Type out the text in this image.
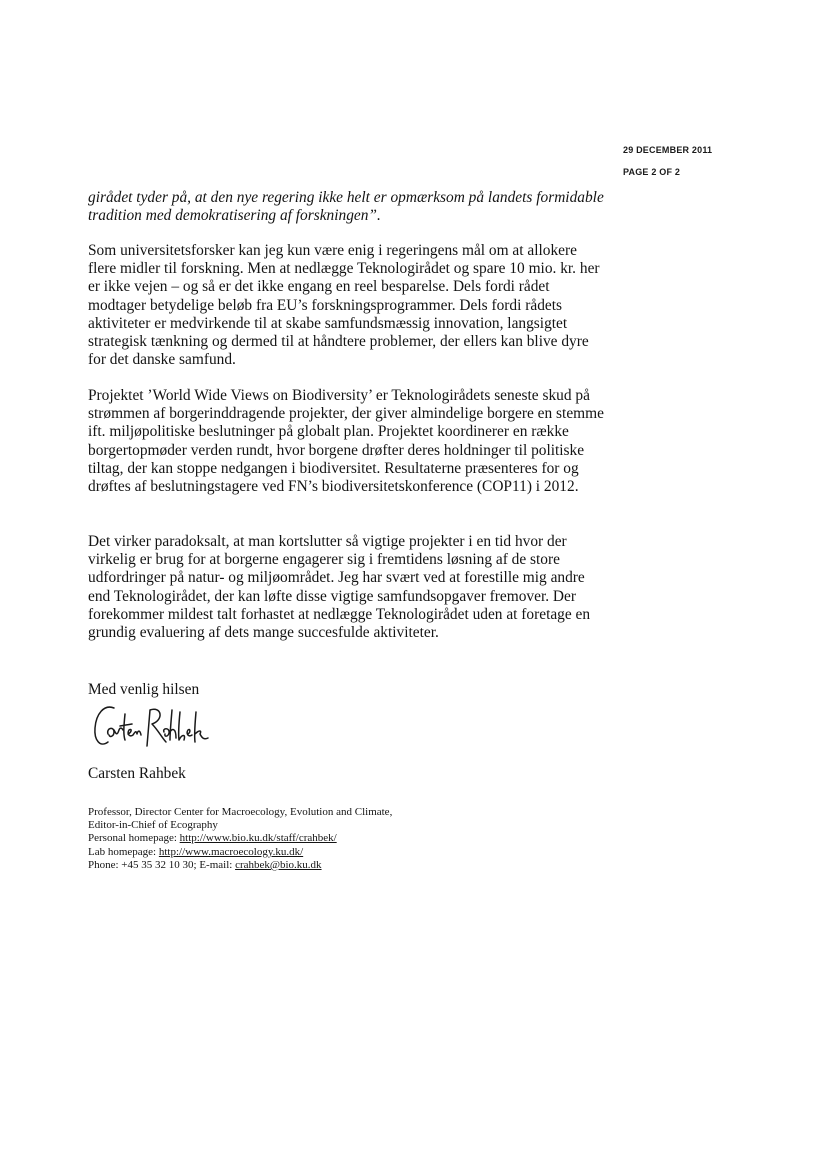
29 DECEMBER 2011
PAGE 2 OF 2
girådet tyder på, at den nye regering ikke helt er opmærksom på landets formidable tradition med demokratisering af forskningen”.
Som universitetsforsker kan jeg kun være enig i regeringens mål om at allokere flere midler til forskning. Men at nedlægge Teknologirådet og spare 10 mio. kr. her er ikke vejen – og så er det ikke engang en reel besparelse. Dels fordi rådet modtager betydelige beløb fra EU’s forskningsprogrammer. Dels fordi rådets aktiviteter er medvirkende til at skabe samfundsmæssig innovation, langsigtet strategisk tænkning og dermed til at håndtere problemer, der ellers kan blive dyre for det danske samfund.
Projektet ’World Wide Views on Biodiversity’ er Teknologirådets seneste skud på strømmen af borgerinddragende projekter, der giver almindelige borgere en stemme ift. miljøpolitiske beslutninger på globalt plan. Projektet koordinerer en række borgertopmøder verden rundt, hvor borgene drøfter deres holdninger til politiske tiltag, der kan stoppe nedgangen i biodiversitet. Resultaterne præsenteres for og drøftes af beslutningstagere ved FN’s biodiversitetskonference (COP11) i 2012.
Det virker paradoksalt, at man kortslutter så vigtige projekter i en tid hvor der virkelig er brug for at borgerne engagerer sig i fremtidens løsning af de store udfordringer på natur- og miljøområdet. Jeg har svært ved at forestille mig andre end Teknologirådet, der kan løfte disse vigtige samfundsopgaver fremover. Der forekommer mildest talt forhastet at nedlægge Teknologirådet uden at foretage en grundig evaluering af dets mange succesfulde aktiviteter.
Med venlig hilsen
Carsten Rahbek
Professor, Director Center for Macroecology, Evolution and Climate,
Editor-in-Chief of Ecography
Personal homepage: http://www.bio.ku.dk/staff/crahbek/
Lab homepage: http://www.macroecology.ku.dk/
Phone: +45 35 32 10 30; E-mail: crahbek@bio.ku.dk
